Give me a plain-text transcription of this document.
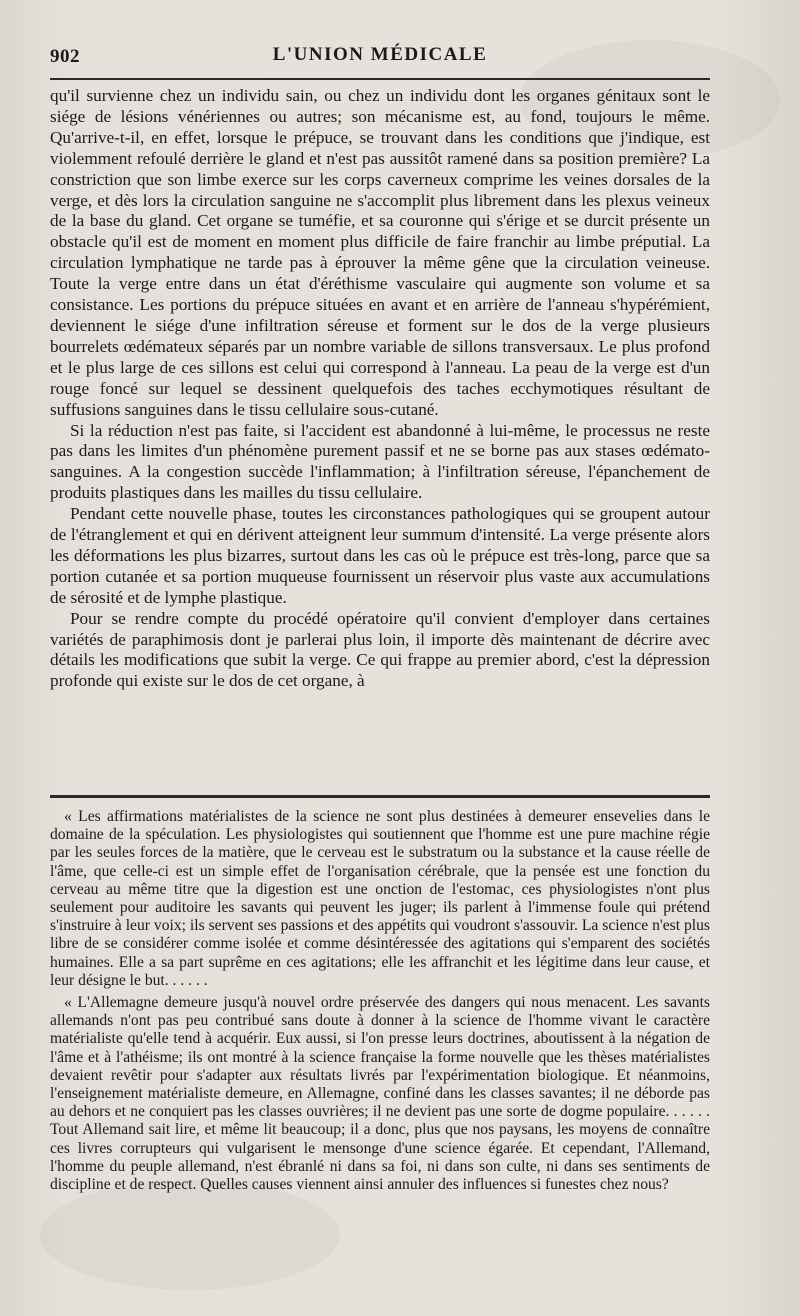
902	L'UNION MÉDICALE

qu'il survienne chez un individu sain, ou chez un individu dont les organes génitaux sont le siége de lésions vénériennes ou autres; son mécanisme est, au fond, toujours le même. Qu'arrive-t-il, en effet, lorsque le prépuce, se trouvant dans les conditions que j'indique, est violemment refoulé derrière le gland et n'est pas aussitôt ramené dans sa position première? La constriction que son limbe exerce sur les corps caverneux comprime les veines dorsales de la verge, et dès lors la circulation sanguine ne s'accomplit plus librement dans les plexus veineux de la base du gland. Cet organe se tuméfie, et sa couronne qui s'érige et se durcit présente un obstacle qu'il est de moment en moment plus difficile de faire franchir au limbe préputial. La circulation lymphatique ne tarde pas à éprouver la même gêne que la circulation veineuse. Toute la verge entre dans un état d'éréthisme vasculaire qui augmente son volume et sa consistance. Les portions du prépuce situées en avant et en arrière de l'anneau s'hypérémient, deviennent le siége d'une infiltration séreuse et forment sur le dos de la verge plusieurs bourrelets œdémateux séparés par un nombre variable de sillons transversaux. Le plus profond et le plus large de ces sillons est celui qui correspond à l'anneau. La peau de la verge est d'un rouge foncé sur lequel se dessinent quelquefois des taches ecchymotiques résultant de suffusions sanguines dans le tissu cellulaire sous-cutané.

Si la réduction n'est pas faite, si l'accident est abandonné à lui-même, le processus ne reste pas dans les limites d'un phénomène purement passif et ne se borne pas aux stases œdémato-sanguines. A la congestion succède l'inflammation; à l'infiltration séreuse, l'épanchement de produits plastiques dans les mailles du tissu cellulaire.

Pendant cette nouvelle phase, toutes les circonstances pathologiques qui se groupent autour de l'étranglement et qui en dérivent atteignent leur summum d'intensité. La verge présente alors les déformations les plus bizarres, surtout dans les cas où le prépuce est très-long, parce que sa portion cutanée et sa portion muqueuse fournissent un réservoir plus vaste aux accumulations de sérosité et de lymphe plastique.

Pour se rendre compte du procédé opératoire qu'il convient d'employer dans certaines variétés de paraphimosis dont je parlerai plus loin, il importe dès maintenant de décrire avec détails les modifications que subit la verge. Ce qui frappe au premier abord, c'est la dépression profonde qui existe sur le dos de cet organe, à

« Les affirmations matérialistes de la science ne sont plus destinées à demeurer ensevelies dans le domaine de la spéculation. Les physiologistes qui soutiennent que l'homme est une pure machine régie par les seules forces de la matière, que le cerveau est le substratum ou la substance et la cause réelle de l'âme, que celle-ci est un simple effet de l'organisation cérébrale, que la pensée est une fonction du cerveau au même titre que la digestion est une onction de l'estomac, ces physiologistes n'ont plus seulement pour auditoire les savants qui peuvent les juger; ils parlent à l'immense foule qui prétend s'instruire à leur voix; ils servent ses passions et des appétits qui voudront s'assouvir. La science n'est plus libre de se considérer comme isolée et comme désintéressée des agitations qui s'emparent des sociétés humaines. Elle a sa part suprême en ces agitations; elle les affranchit et les légitime dans leur cause, et leur désigne le but. . . . . .

« L'Allemagne demeure jusqu'à nouvel ordre préservée des dangers qui nous menacent. Les savants allemands n'ont pas peu contribué sans doute à donner à la science de l'homme vivant le caractère matérialiste qu'elle tend à acquérir. Eux aussi, si l'on presse leurs doctrines, aboutissent à la négation de l'âme et à l'athéisme; ils ont montré à la science française la forme nouvelle que les thèses matérialistes devaient revêtir pour s'adapter aux résultats livrés par l'expérimentation biologique. Et néanmoins, l'enseignement matérialiste demeure, en Allemagne, confiné dans les classes savantes; il ne déborde pas au dehors et ne conquiert pas les classes ouvrières; il ne devient pas une sorte de dogme populaire. . . . . . Tout Allemand sait lire, et même lit beaucoup; il a donc, plus que nos paysans, les moyens de connaître ces livres corrupteurs qui vulgarisent le mensonge d'une science égarée. Et cependant, l'Allemand, l'homme du peuple allemand, n'est ébranlé ni dans sa foi, ni dans son culte, ni dans ses sentiments de discipline et de respect. Quelles causes viennent ainsi annuler des influences si funestes chez nous?
